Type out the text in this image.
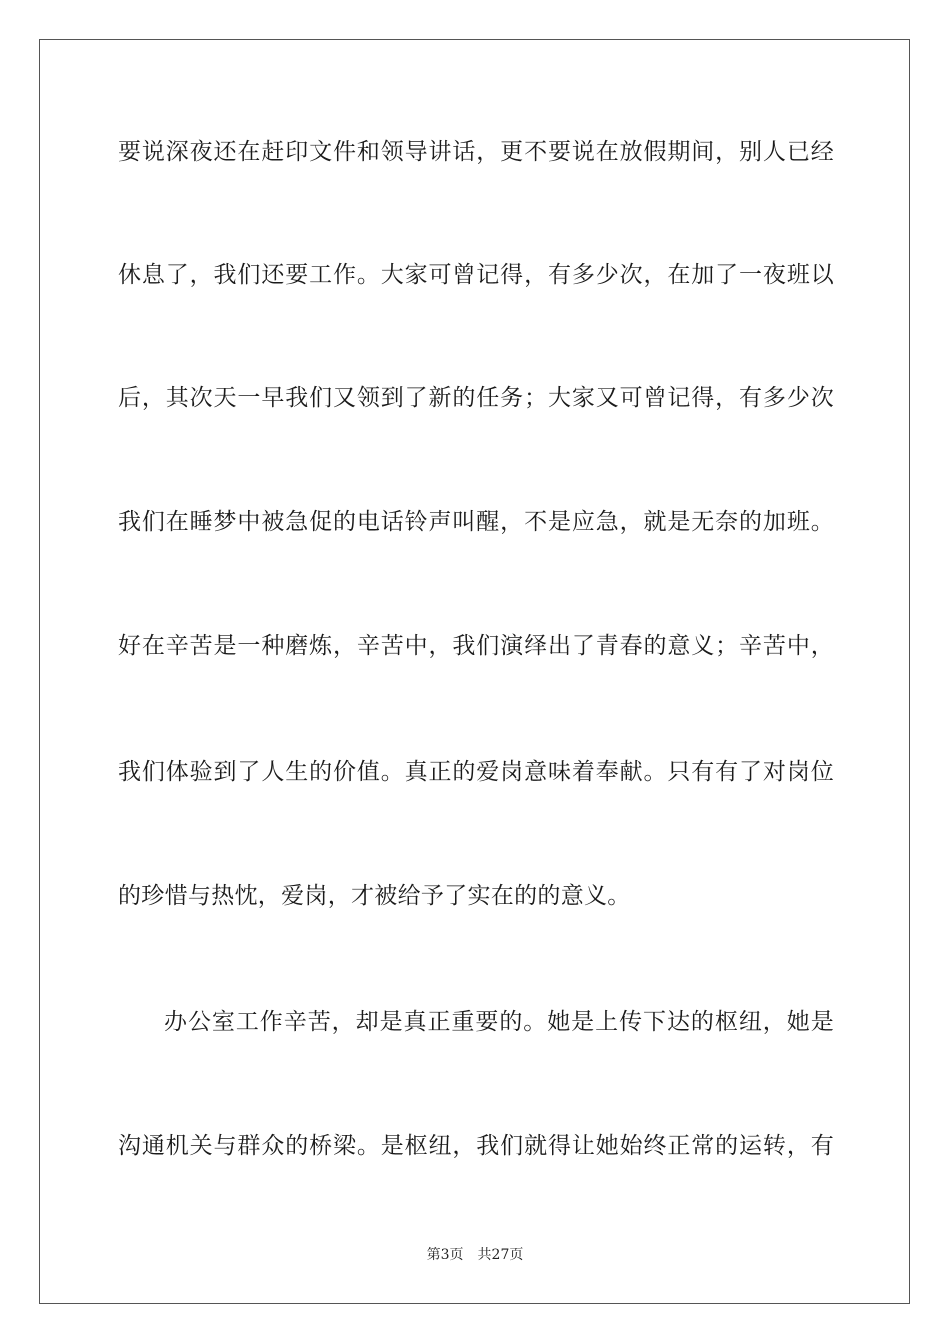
要说深夜还在赶印文件和领导讲话，更不要说在放假期间，别人已经
休息了，我们还要工作。大家可曾记得，有多少次，在加了一夜班以
后，其次天一早我们又领到了新的任务；大家又可曾记得，有多少次
我们在睡梦中被急促的电话铃声叫醒，不是应急，就是无奈的加班。
好在辛苦是一种磨炼，辛苦中，我们演绎出了青春的意义；辛苦中，
我们体验到了人生的价值。真正的爱岗意味着奉献。只有有了对岗位
的珍惜与热忱，爱岗，才被给予了实在的的意义。
办公室工作辛苦，却是真正重要的。她是上传下达的枢纽，她是
沟通机关与群众的桥梁。是枢纽，我们就得让她始终正常的运转，有
第3页 共27页
